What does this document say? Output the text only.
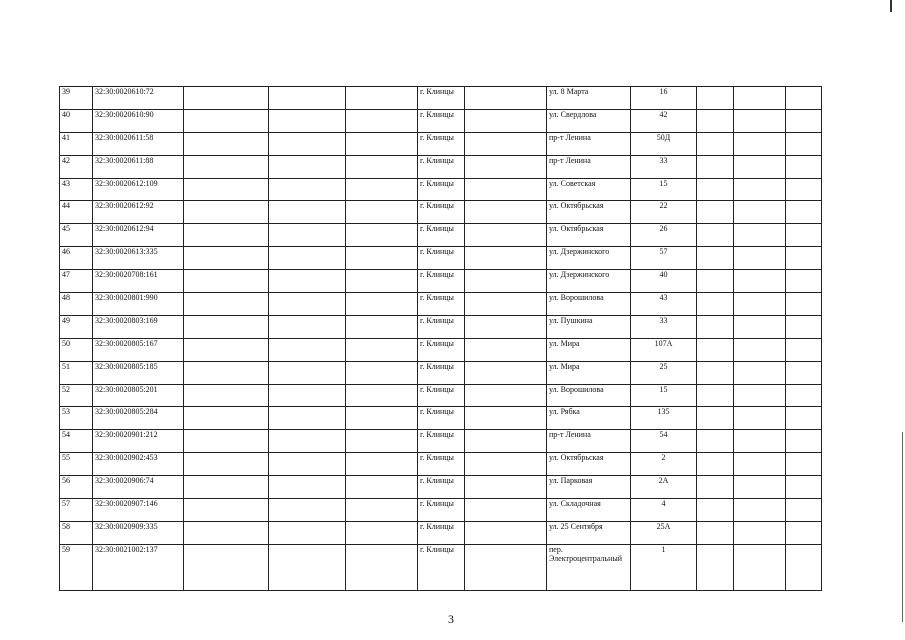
39	32:30:0020610:72				г. Клинцы		ул. 8 Марта	16			
40	32:30:0020610:90				г. Клинцы		ул. Свердлова	42			
41	32:30:0020611:58				г. Клинцы		пр-т Ленина	50Д			
42	32:30:0020611:88				г. Клинцы		пр-т Ленина	33			
43	32:30:0020612:109				г. Клинцы		ул. Советская	15			
44	32:30:0020612:92				г. Клинцы		ул. Октябрьская	22			
45	32:30:0020612:94				г. Клинцы		ул. Октябрьская	26			
46	32:30:0020613:335				г. Клинцы		ул. Дзержинского	57			
47	32:30:0020708:161				г. Клинцы		ул. Дзержинского	40			
48	32:30:0020801:990				г. Клинцы		ул. Ворошилова	43			
49	32:30:0020803:169				г. Клинцы		ул. Пушкина	33			
50	32:30:0020805:167				г. Клинцы		ул. Мира	107А			
51	32:30:0020805:185				г. Клинцы		ул. Мира	25			
52	32:30:0020805:201				г. Клинцы		ул. Ворошилова	15			
53	32:30:0020805:284				г. Клинцы		ул. Рябка	135			
54	32:30:0020901:212				г. Клинцы		пр-т Ленина	54			
55	32:30:0020902:453				г. Клинцы		ул. Октябрьская	2			
56	32:30:0020906:74				г. Клинцы		ул. Парковая	2А			
57	32:30:0020907:146				г. Клинцы		ул. Складочная	4			
58	32:30:0020909:335				г. Клинцы		ул. 25 Сентября	25А			
59	32:30:0021002:137				г. Клинцы		пер. Электроцентральный	1			
3
